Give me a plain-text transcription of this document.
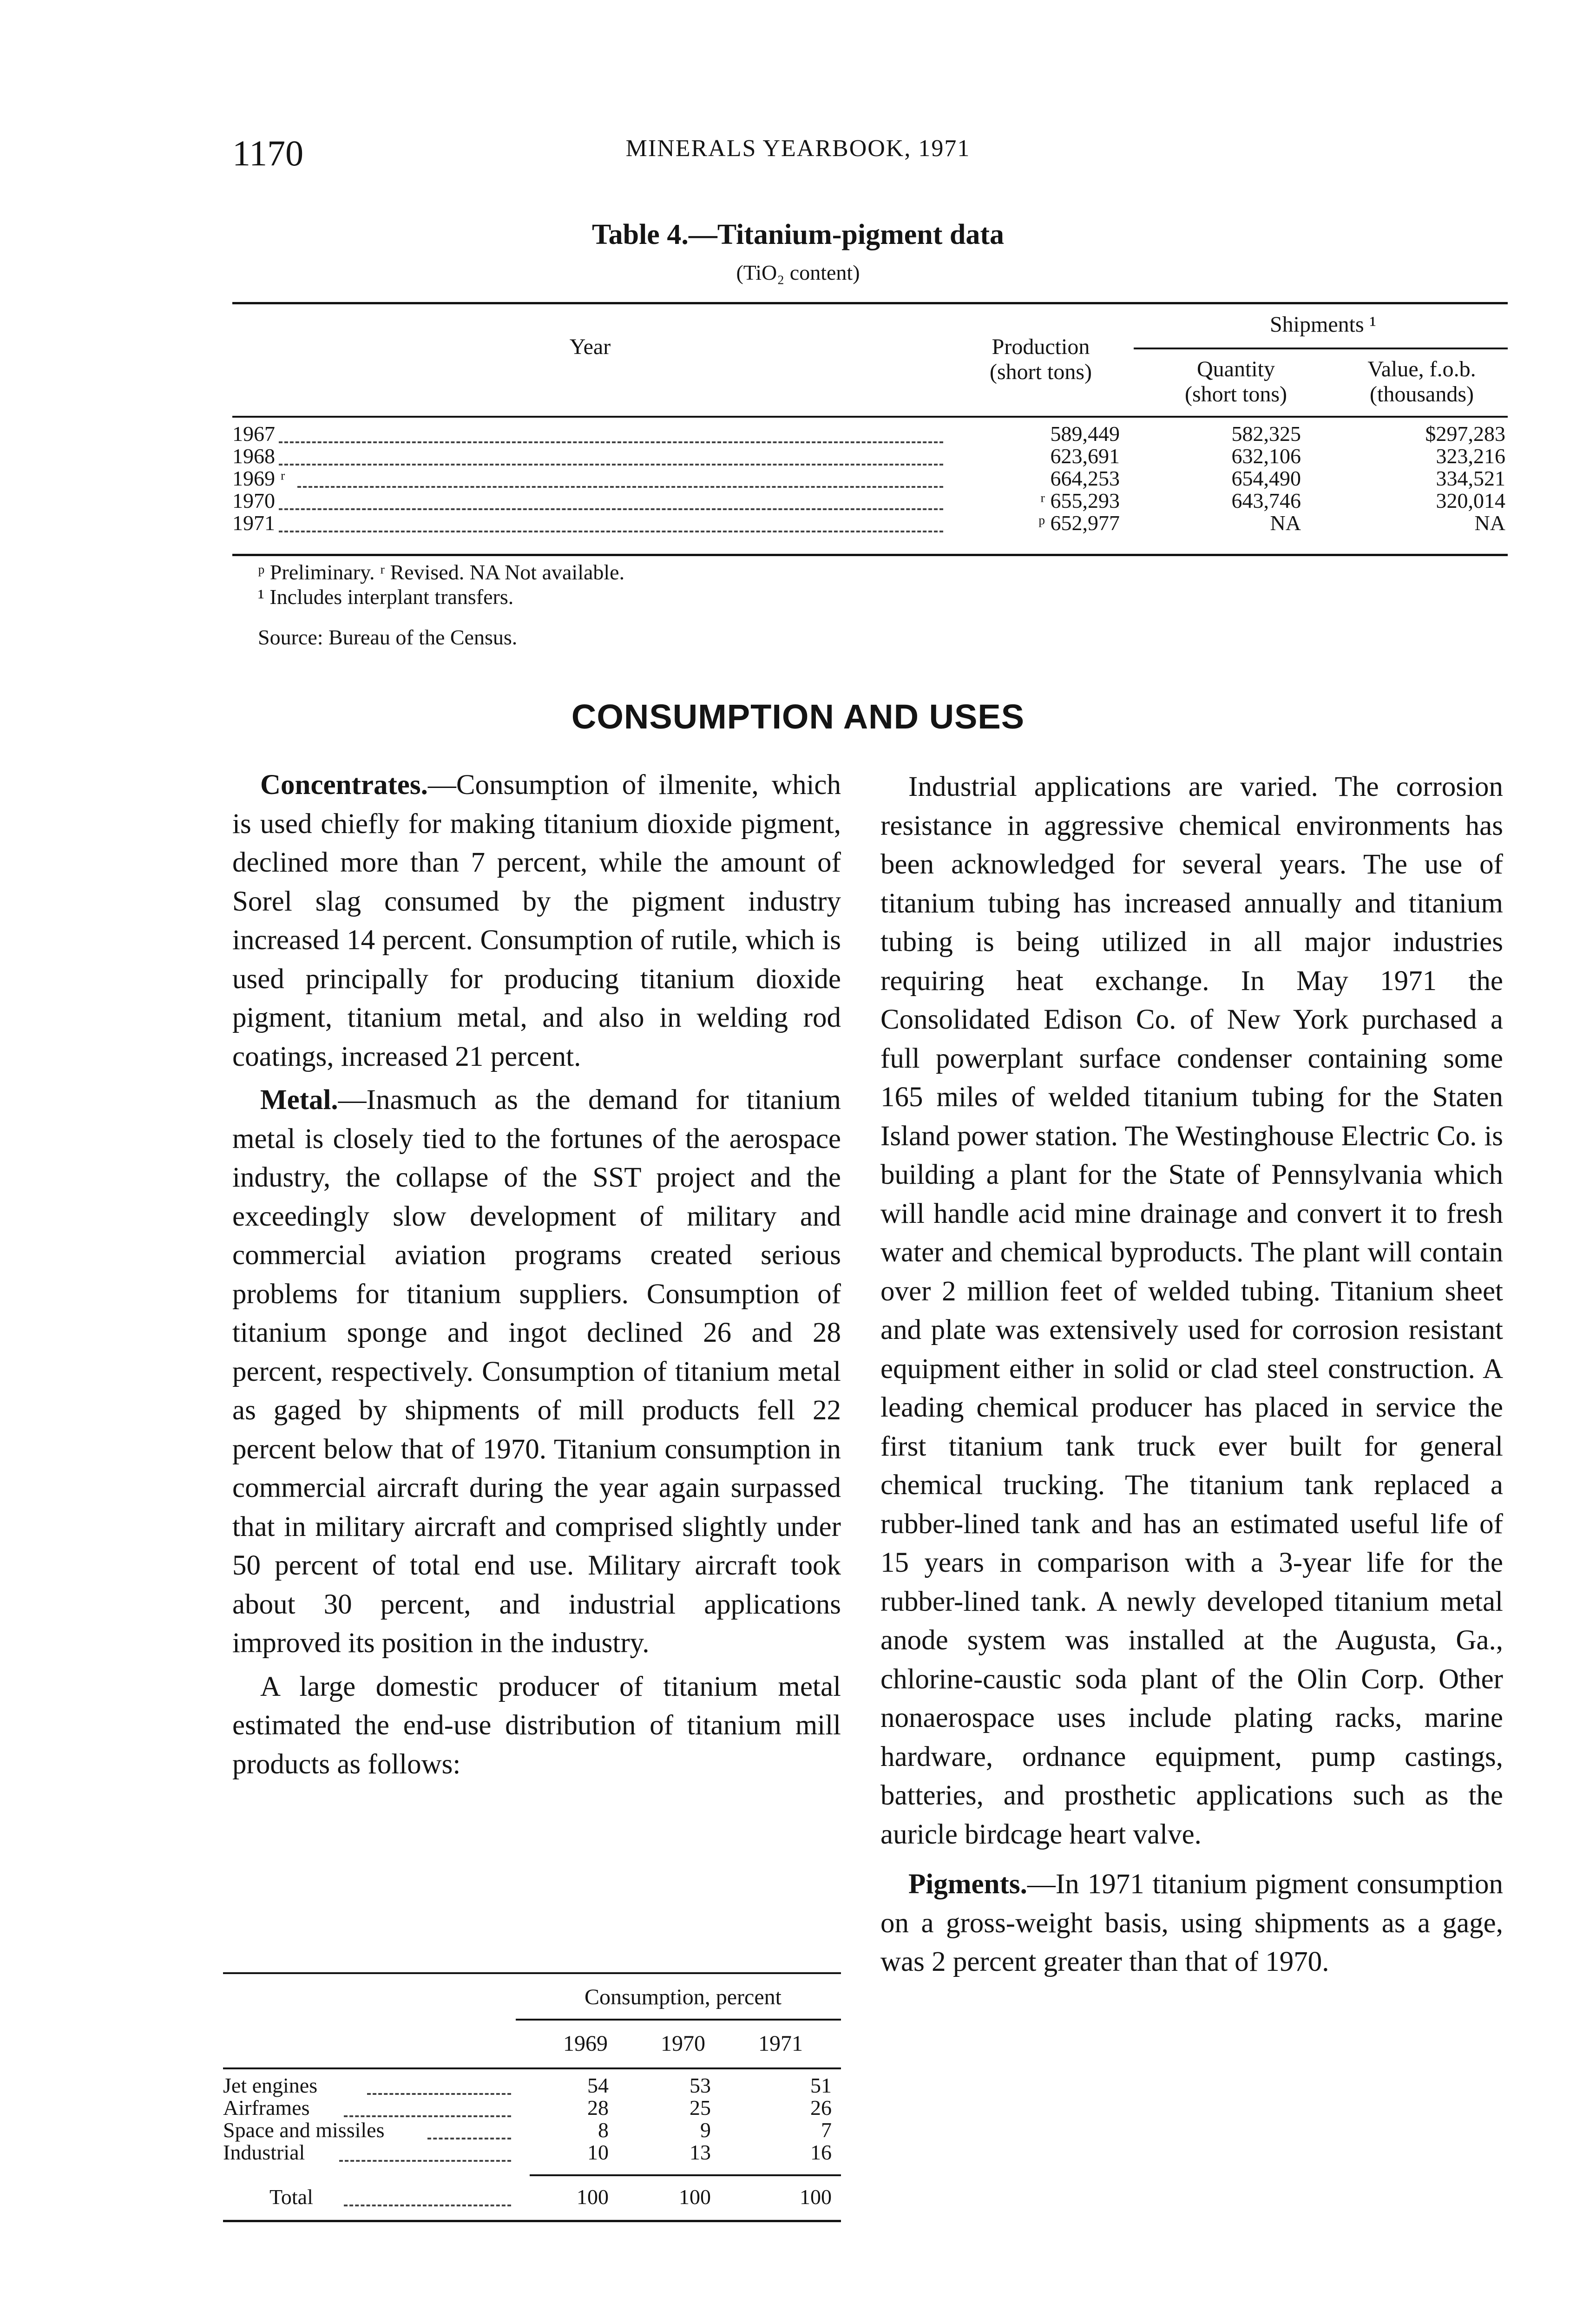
1170	MINERALS YEARBOOK, 1971
Table 4.—Titanium-pigment data
(TiO₂ content)
Year	Production
(short tons)
Shipments ¹
Quantity
(short tons)
Value, f.o.b.
(thousands)
1967	589,449	582,325	$297,283
1968	623,691	632,106	323,216
1969 ʳ	664,253	654,490	334,521
1970	ʳ 655,293	643,746	320,014
1971	ᵖ 652,977	NA	NA
ᵖ Preliminary. ʳ Revised. NA Not available.
¹ Includes interplant transfers.
Source: Bureau of the Census.
CONSUMPTION AND USES

Concentrates.—Consumption of ilmenite, which is used chiefly for making titanium dioxide pigment, declined more than 7 percent, while the amount of Sorel slag consumed by the pigment industry increased 14 percent. Consumption of rutile, which is used principally for producing titanium dioxide pigment, titanium metal, and also in welding rod coatings, increased 21 percent.

Metal.—Inasmuch as the demand for titanium metal is closely tied to the fortunes of the aerospace industry, the collapse of the SST project and the exceedingly slow development of military and commercial aviation programs created serious problems for titanium suppliers. Consumption of titanium sponge and ingot declined 26 and 28 percent, respectively. Consumption of titanium metal as gaged by shipments of mill products fell 22 percent below that of 1970. Titanium consumption in commercial aircraft during the year again surpassed that in military aircraft and comprised slightly under 50 percent of total end use. Military aircraft took about 30 percent, and industrial applications improved its position in the industry.

A large domestic producer of titanium metal estimated the end-use distribution of titanium mill products as follows:

Consumption, percent
1969	1970	1971
Jet engines	54	53	51
Airframes	28	25	26
Space and missiles	8	9	7
Industrial	10	13	16
Total	100	100	100

Industrial applications are varied. The corrosion resistance in aggressive chemical environments has been acknowledged for several years. The use of titanium tubing has increased annually and titanium tubing is being utilized in all major industries requiring heat exchange. In May 1971 the Consolidated Edison Co. of New York purchased a full powerplant surface condenser containing some 165 miles of welded titanium tubing for the Staten Island power station. The Westinghouse Electric Co. is building a plant for the State of Pennsylvania which will handle acid mine drainage and convert it to fresh water and chemical byproducts. The plant will contain over 2 million feet of welded tubing. Titanium sheet and plate was extensively used for corrosion resistant equipment either in solid or clad steel construction. A leading chemical producer has placed in service the first titanium tank truck ever built for general chemical trucking. The titanium tank replaced a rubber-lined tank and has an estimated useful life of 15 years in comparison with a 3-year life for the rubber-lined tank. A newly developed titanium metal anode system was installed at the Augusta, Ga., chlorine-caustic soda plant of the Olin Corp. Other nonaerospace uses include plating racks, marine hardware, ordnance equipment, pump castings, batteries, and prosthetic applications such as the auricle birdcage heart valve.

Pigments.—In 1971 titanium pigment consumption on a gross-weight basis, using shipments as a gage, was 2 percent greater than that of 1970.
